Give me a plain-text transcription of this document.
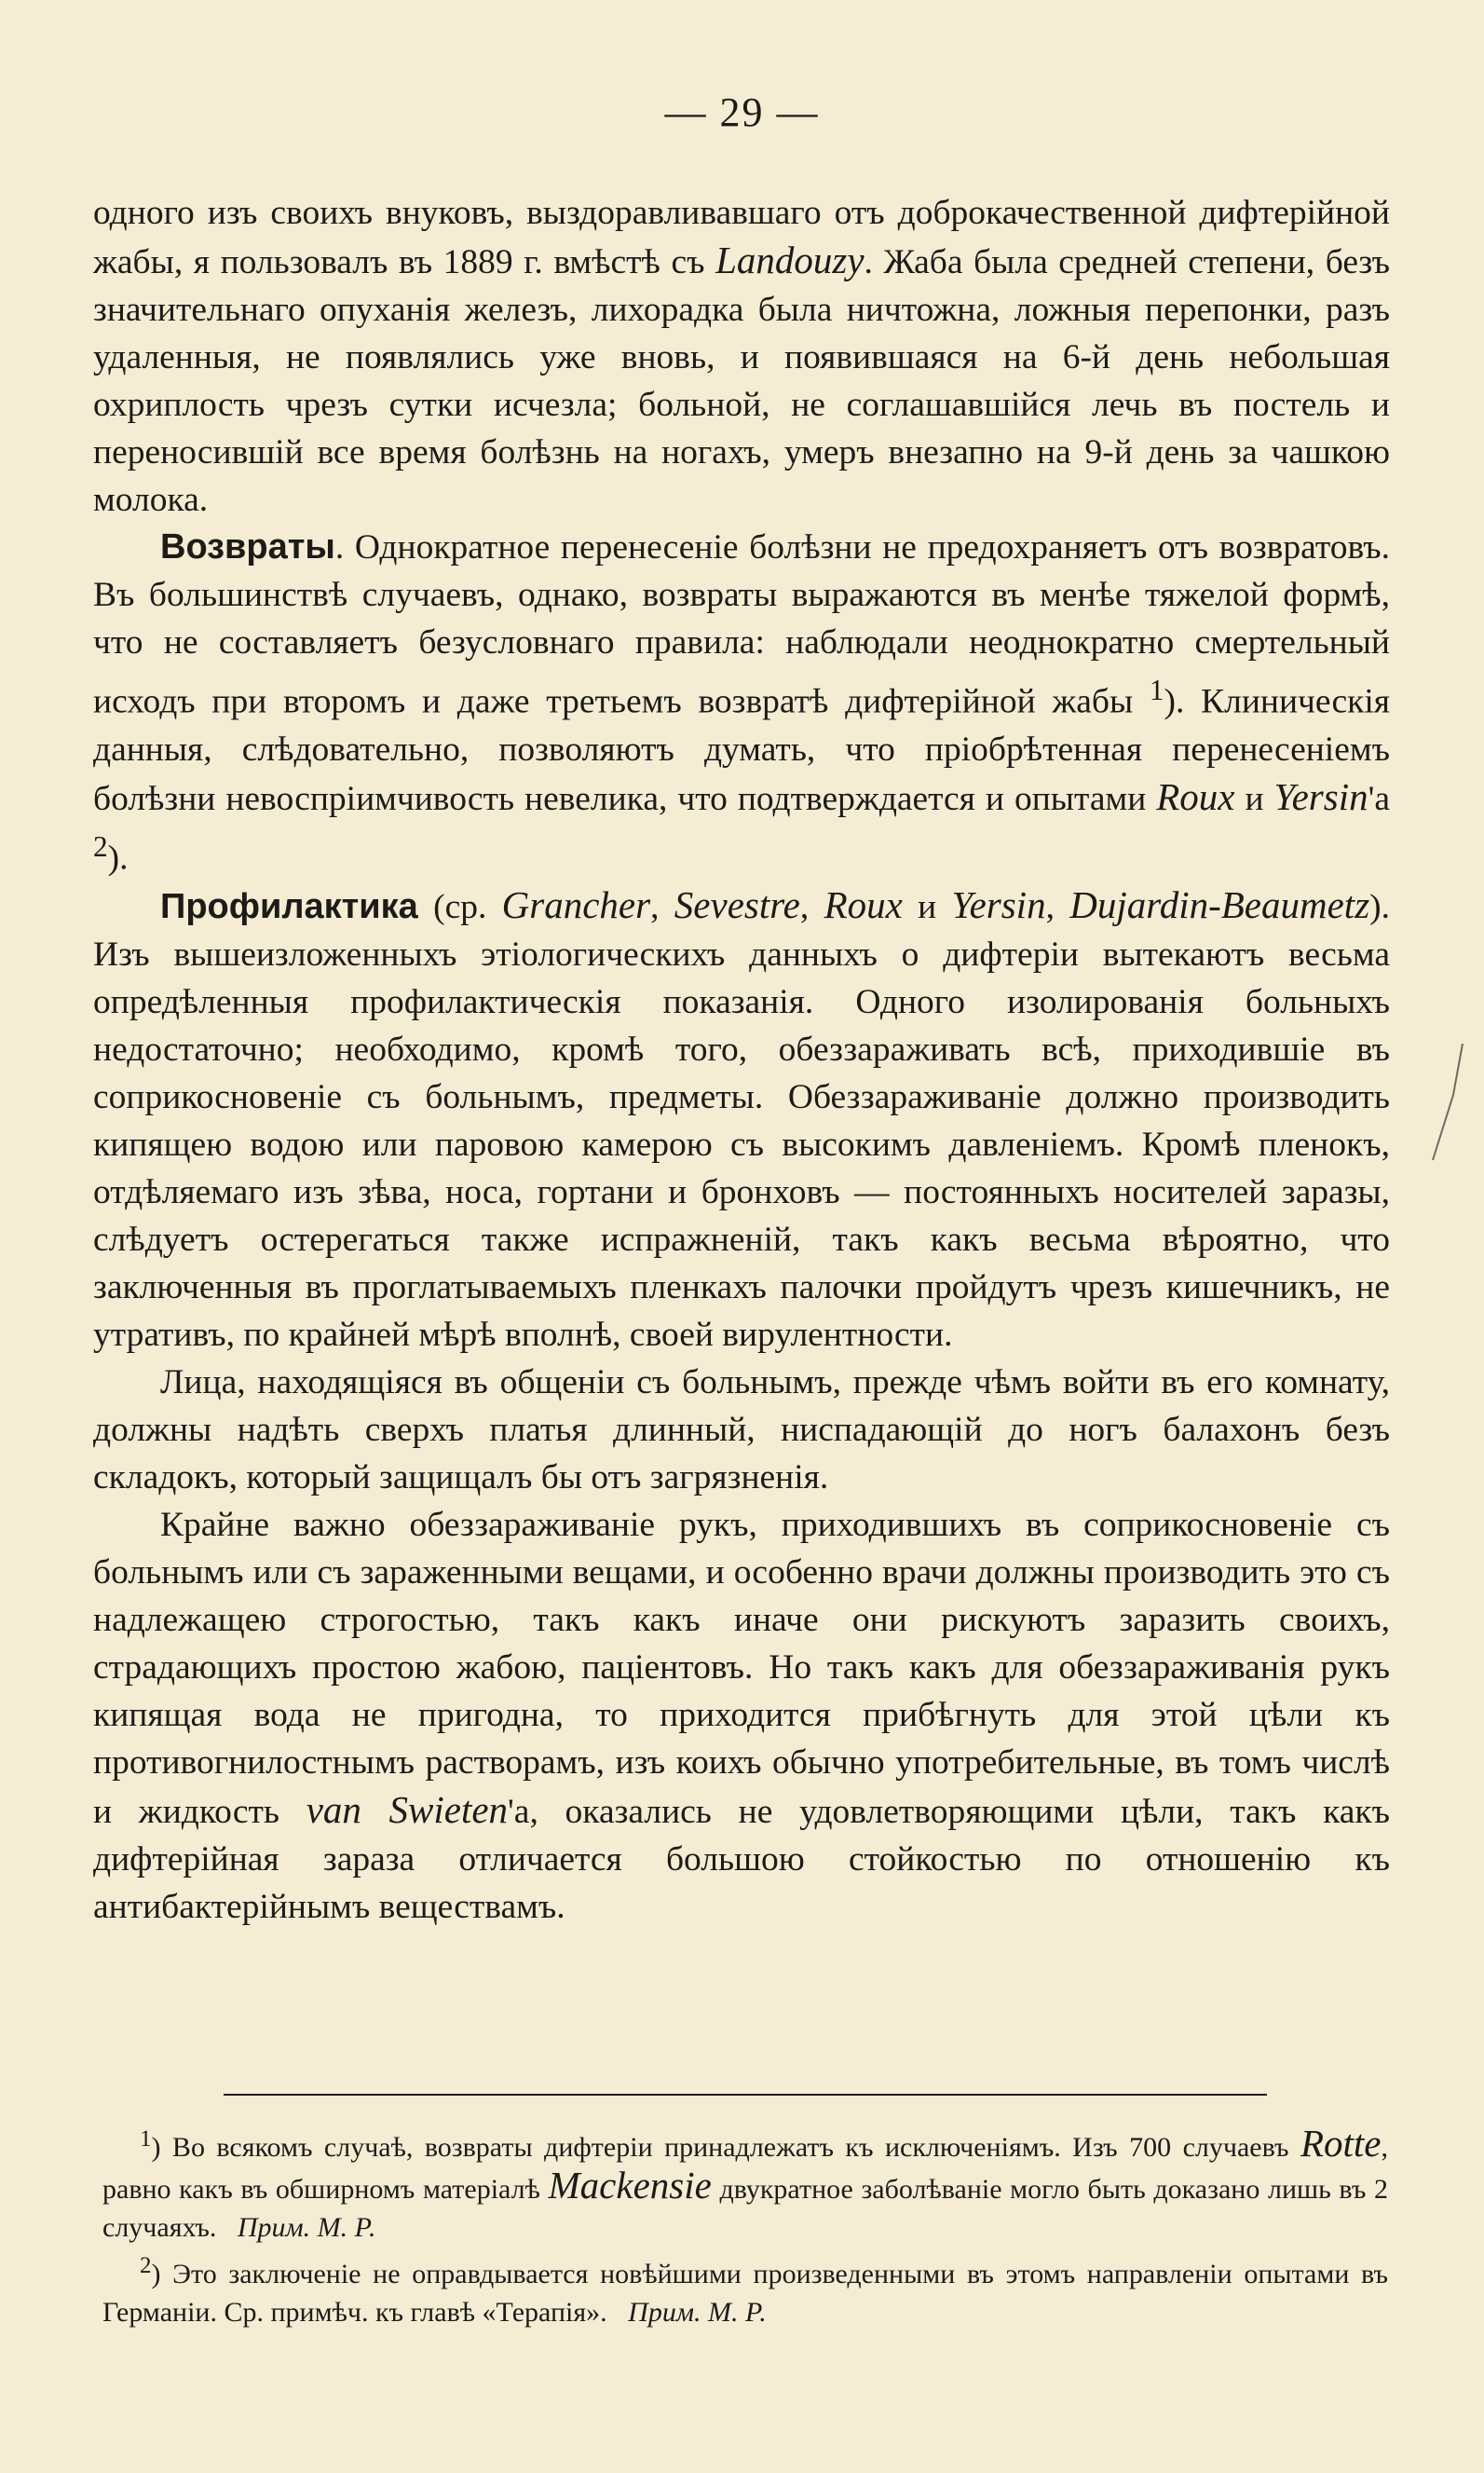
— 29 —

одного изъ своихъ внуковъ, выздоравливавшаго отъ доброкачественной дифтерійной жабы, я пользовалъ въ 1889 г. вмѣстѣ съ Landouzy. Жаба была средней степени, безъ значительнаго опуханія железъ, лихорадка была ничтожна, ложныя перепонки, разъ удаленныя, не появлялись уже вновь, и появившаяся на 6-й день небольшая охриплость чрезъ сутки исчезла; больной, не соглашавшійся лечь въ постель и переносившій все время болѣзнь на ногахъ, умеръ внезапно на 9-й день за чашкою молока.

Возвраты. Однократное перенесеніе болѣзни не предохраняетъ отъ возвратовъ. Въ большинствѣ случаевъ, однако, возвраты выражаются въ менѣе тяжелой формѣ, что не составляетъ безусловнаго правила: наблюдали неоднократно смертельный исходъ при второмъ и даже третьемъ возвратѣ дифтерійной жабы $^1$). Клиническія данныя, слѣдовательно, позволяютъ думать, что пріобрѣтенная перенесеніемъ болѣзни невоспріимчивость невелика, что подтверждается и опытами Roux и Yersin'а $^2$).

Профилактика (ср. Grancher, Sevestre, Roux и Yersin, Dujardin-Beaumetz). Изъ вышеизложенныхъ этіологическихъ данныхъ о дифтеріи вытекаютъ весьма опредѣленныя профилактическія показанія. Одного изолированія больныхъ недостаточно; необходимо, кромѣ того, обеззараживать всѣ, приходившіе въ соприкосновеніе съ больнымъ, предметы. Обеззараживаніе должно производить кипящею водою или паровою камерою съ высокимъ давленіемъ. Кромѣ пленокъ, отдѣляемаго изъ зѣва, носа, гортани и бронховъ — постоянныхъ носителей заразы, слѣдуетъ остерегаться также испражненій, такъ какъ весьма вѣроятно, что заключенныя въ проглатываемыхъ пленкахъ палочки пройдутъ чрезъ кишечникъ, не утративъ, по крайней мѣрѣ вполнѣ, своей вирулентности.

Лица, находящіяся въ общеніи съ больнымъ, прежде чѣмъ войти въ его комнату, должны надѣть сверхъ платья длинный, ниспадающій до ногъ балахонъ безъ складокъ, который защищалъ бы отъ загрязненія.

Крайне важно обеззараживаніе рукъ, приходившихъ въ соприкосновеніе съ больнымъ или съ зараженными вещами, и особенно врачи должны производить это съ надлежащею строгостью, такъ какъ иначе они рискуютъ заразить своихъ, страдающихъ простою жабою, паціентовъ. Но такъ какъ для обеззараживанія рукъ кипящая вода не пригодна, то приходится прибѣгнуть для этой цѣли къ противогнилостнымъ растворамъ, изъ коихъ обычно употребительные, въ томъ числѣ и жидкость van Swieten'а, оказались не удовлетворяющими цѣли, такъ какъ дифтерійная зараза отличается большою стойкостью по отношенію къ антибактерійнымъ веществамъ.

$^1$) Во всякомъ случаѣ, возвраты дифтеріи принадлежатъ къ исключеніямъ. Изъ 700 случаевъ Rotte, равно какъ въ обширномъ матеріалѣ Mackensie двукратное заболѣваніе могло быть доказано лишь въ 2 случаяхъ. Прим. М. Р.

$^2$) Это заключеніе не оправдывается новѣйшими произведенными въ этомъ направленіи опытами въ Германіи. Ср. примѣч. къ главѣ «Терапія». Прим. М. Р.
